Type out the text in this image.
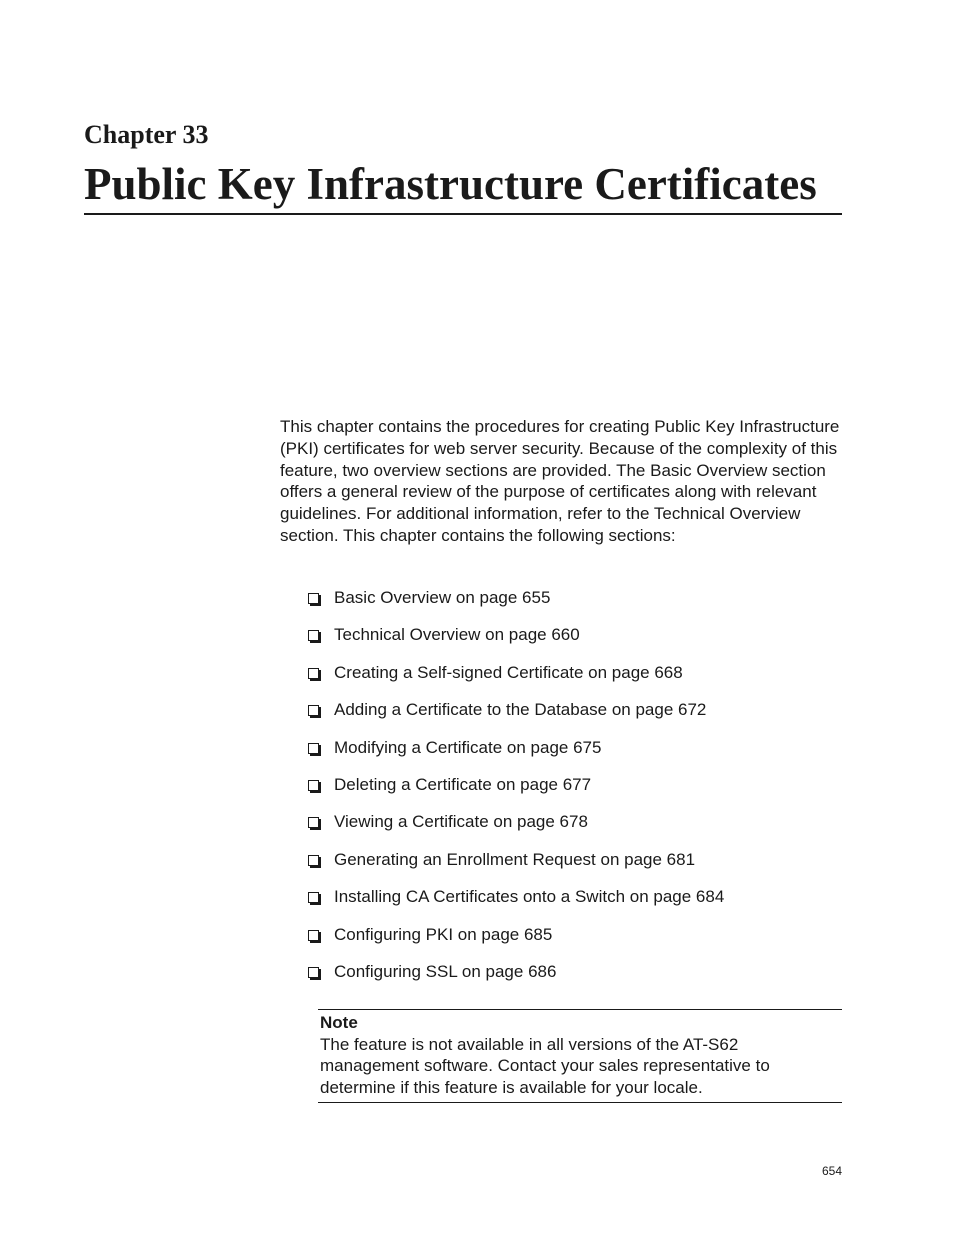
Chapter 33
Public Key Infrastructure Certificates

This chapter contains the procedures for creating Public Key Infrastructure (PKI) certificates for web server security. Because of the complexity of this feature, two overview sections are provided. The Basic Overview section offers a general review of the purpose of certificates along with relevant guidelines. For additional information, refer to the Technical Overview section. This chapter contains the following sections:

Basic Overview on page 655
Technical Overview on page 660
Creating a Self-signed Certificate on page 668
Adding a Certificate to the Database on page 672
Modifying a Certificate on page 675
Deleting a Certificate on page 677
Viewing a Certificate on page 678
Generating an Enrollment Request on page 681
Installing CA Certificates onto a Switch on page 684
Configuring PKI on page 685
Configuring SSL on page 686
Note
The feature is not available in all versions of the AT-S62 management software. Contact your sales representative to determine if this feature is available for your locale.
654
